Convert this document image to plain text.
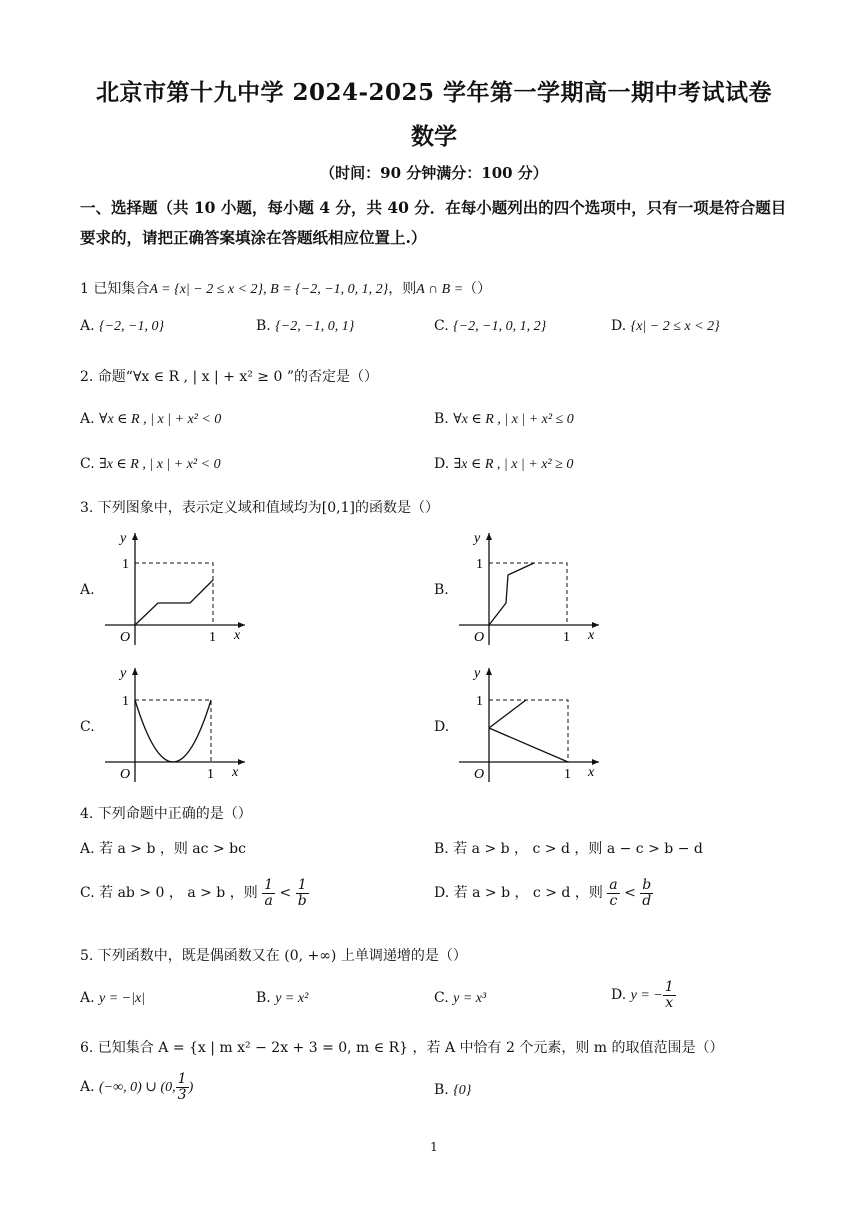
北京市第十九中学 2024-2025 学年第一学期高一期中考试试卷
数学
（时间：90 分钟满分：100 分）
一、选择题（共 10 小题，每小题 4 分，共 40 分．在每小题列出的四个选项中，只有一项是符合题目要求的，请把正确答案填涂在答题纸相应位置上.）
1 已知集合A = {x| − 2 ≤ x < 2}, B = {−2, −1, 0, 1, 2}，则A ∩ B =（）
A. {−2, −1, 0}	B. {−2, −1, 0, 1}	C. {−2, −1, 0, 1, 2}	D. {x| − 2 ≤ x < 2}
2. 命题“∀x ∈ R , | x | + x² ≥ 0 ”的否定是（）
A. ∀x ∈ R , | x | + x² < 0	B. ∀x ∈ R , | x | + x² ≤ 0
C. ∃x ∈ R , | x | + x² < 0	D. ∃x ∈ R , | x | + x² ≥ 0
3. 下列图象中，表示定义域和值域均为[0,1]的函数是（）
A.
y
1
O	1 x
B.
y
1
O	1 x
C.
y
1
O	1 x
D.
y
1
O	1 x
4. 下列命题中正确的是（）
A. 若 a > b ，则 ac > bc	B. 若 a > b ， c > d ，则 a − c > b − d
C. 若 ab > 0 ， a > b ，则 $\frac{1}{a} < \frac{1}{b}$	D. 若 a > b ， c > d ，则 $\frac{a}{c} < \frac{b}{d}$
5. 下列函数中，既是偶函数又在 (0, +∞) 上单调递增的是（）
A. y = −|x|	B. y = x²	C. y = x³	D. y = − $\frac{1}{x}$
6. 已知集合 A = {x | m x² − 2x + 3 = 0, m ∈ R} ，若 A 中恰有 2 个元素，则 m 的取值范围是（）
A. (−∞, 0) ∪ (0, $\frac{1}{3}$ )	B. {0}
1
